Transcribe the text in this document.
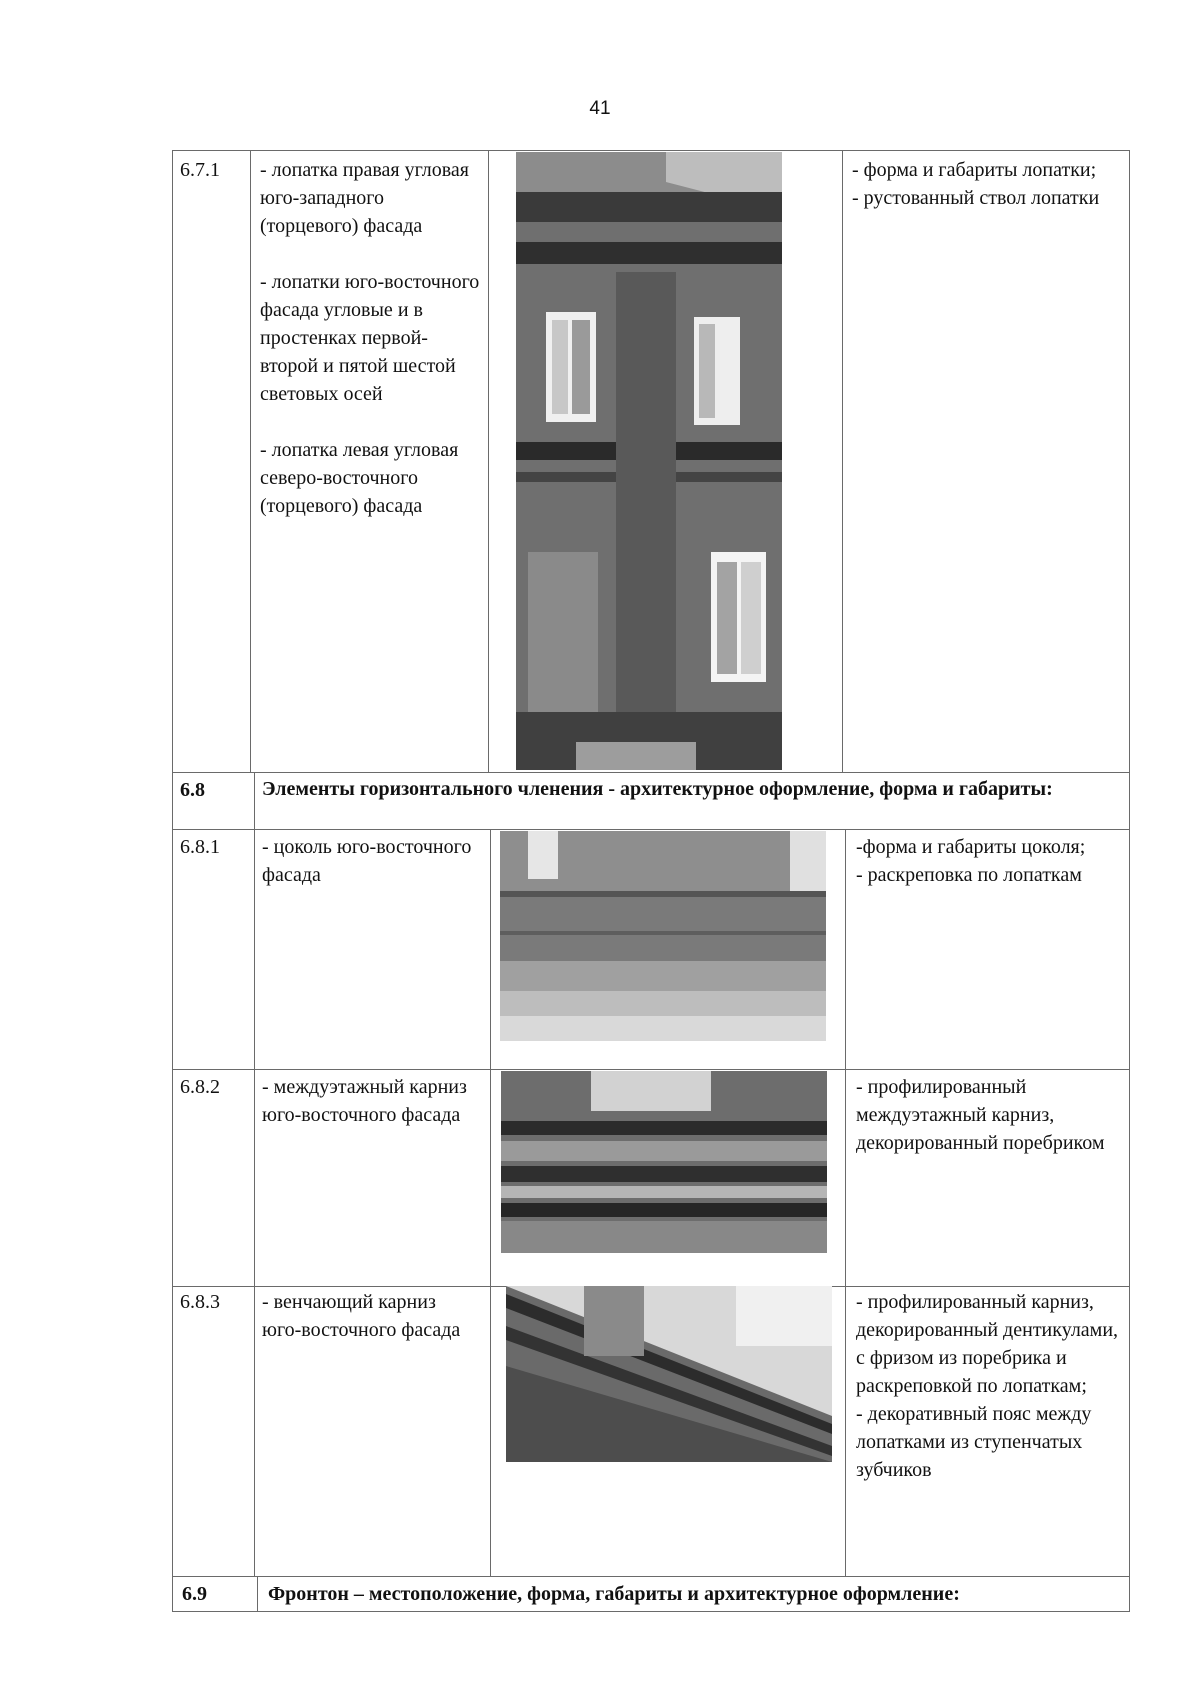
41
6.7.1 - лопатка правая угловая юго-западного (торцевого) фасада

- лопатки юго-восточного фасада угловые и в простенках первой-второй и пятой шестой световых осей

- лопатка левая угловая северо-восточного (торцевого) фасада

- форма и габариты лопатки;
- рустованный ствол лопатки
6.8	Элементы горизонтального членения - архитектурное оформление, форма и габариты:
6.8.1 - цоколь юго-восточного фасада
-форма и габариты цоколя;
- раскреповка по лопаткам
6.8.2 - междуэтажный карниз юго-восточного фасада
- профилированный междуэтажный карниз, декорированный поребриком
6.8.3 - венчающий карниз юго-восточного фасада
- профилированный карниз, декорированный дентикулами, с фризом из поребрика и раскреповкой по лопаткам;
- декоративный пояс между лопатками из ступенчатых зубчиков
6.9	Фронтон – местоположение, форма, габариты и архитектурное оформление:
